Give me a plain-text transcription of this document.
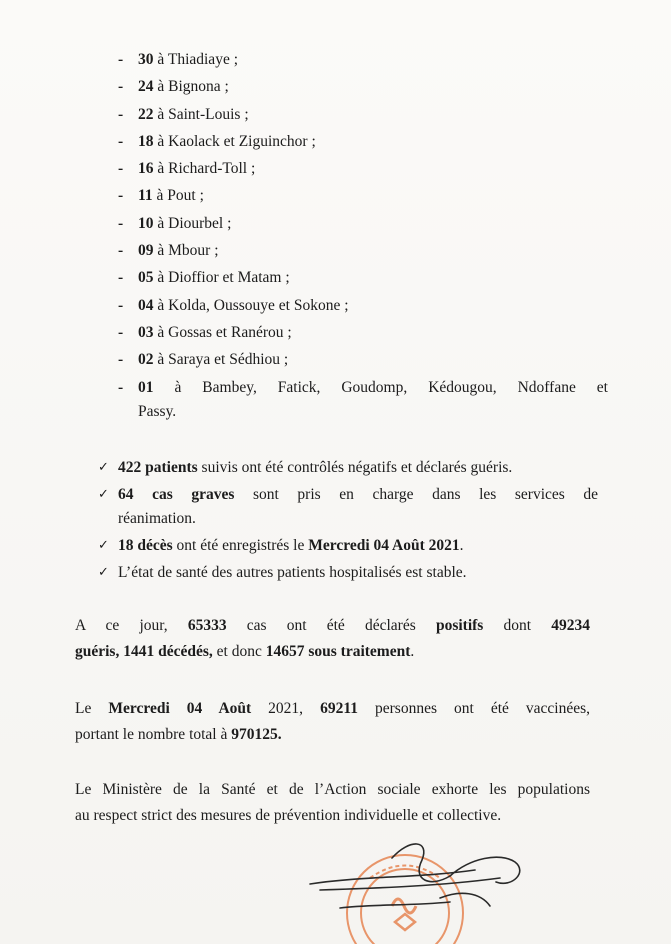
- 30 à Thiadiaye ;
- 24 à Bignona ;
- 22 à Saint-Louis ;
- 18 à Kaolack et Ziguinchor ;
- 16 à Richard-Toll ;
- 11 à Pout ;
- 10 à Diourbel ;
- 09 à Mbour ;
- 05 à Dioffior et Matam ;
- 04 à Kolda, Oussouye et Sokone ;
- 03 à Gossas et Ranérou ;
- 02 à Saraya et Sédhiou ;
- 01 à Bambey, Fatick, Goudomp, Kédougou, Ndoffane et
Passy.
✓ 422 patients suivis ont été contrôlés négatifs et déclarés guéris.
✓ 64 cas graves sont pris en charge dans les services de
réanimation.
✓ 18 décès ont été enregistrés le Mercredi 04 Août 2021.
✓ L’état de santé des autres patients hospitalisés est stable.

A ce jour, 65333 cas ont été déclarés positifs dont 49234
guéris, 1441 décédés, et donc 14657 sous traitement.

Le Mercredi 04 Août 2021, 69211 personnes ont été vaccinées,
portant le nombre total à 970125.

Le Ministère de la Santé et de l’Action sociale exhorte les populations
au respect strict des mesures de prévention individuelle et collective.
